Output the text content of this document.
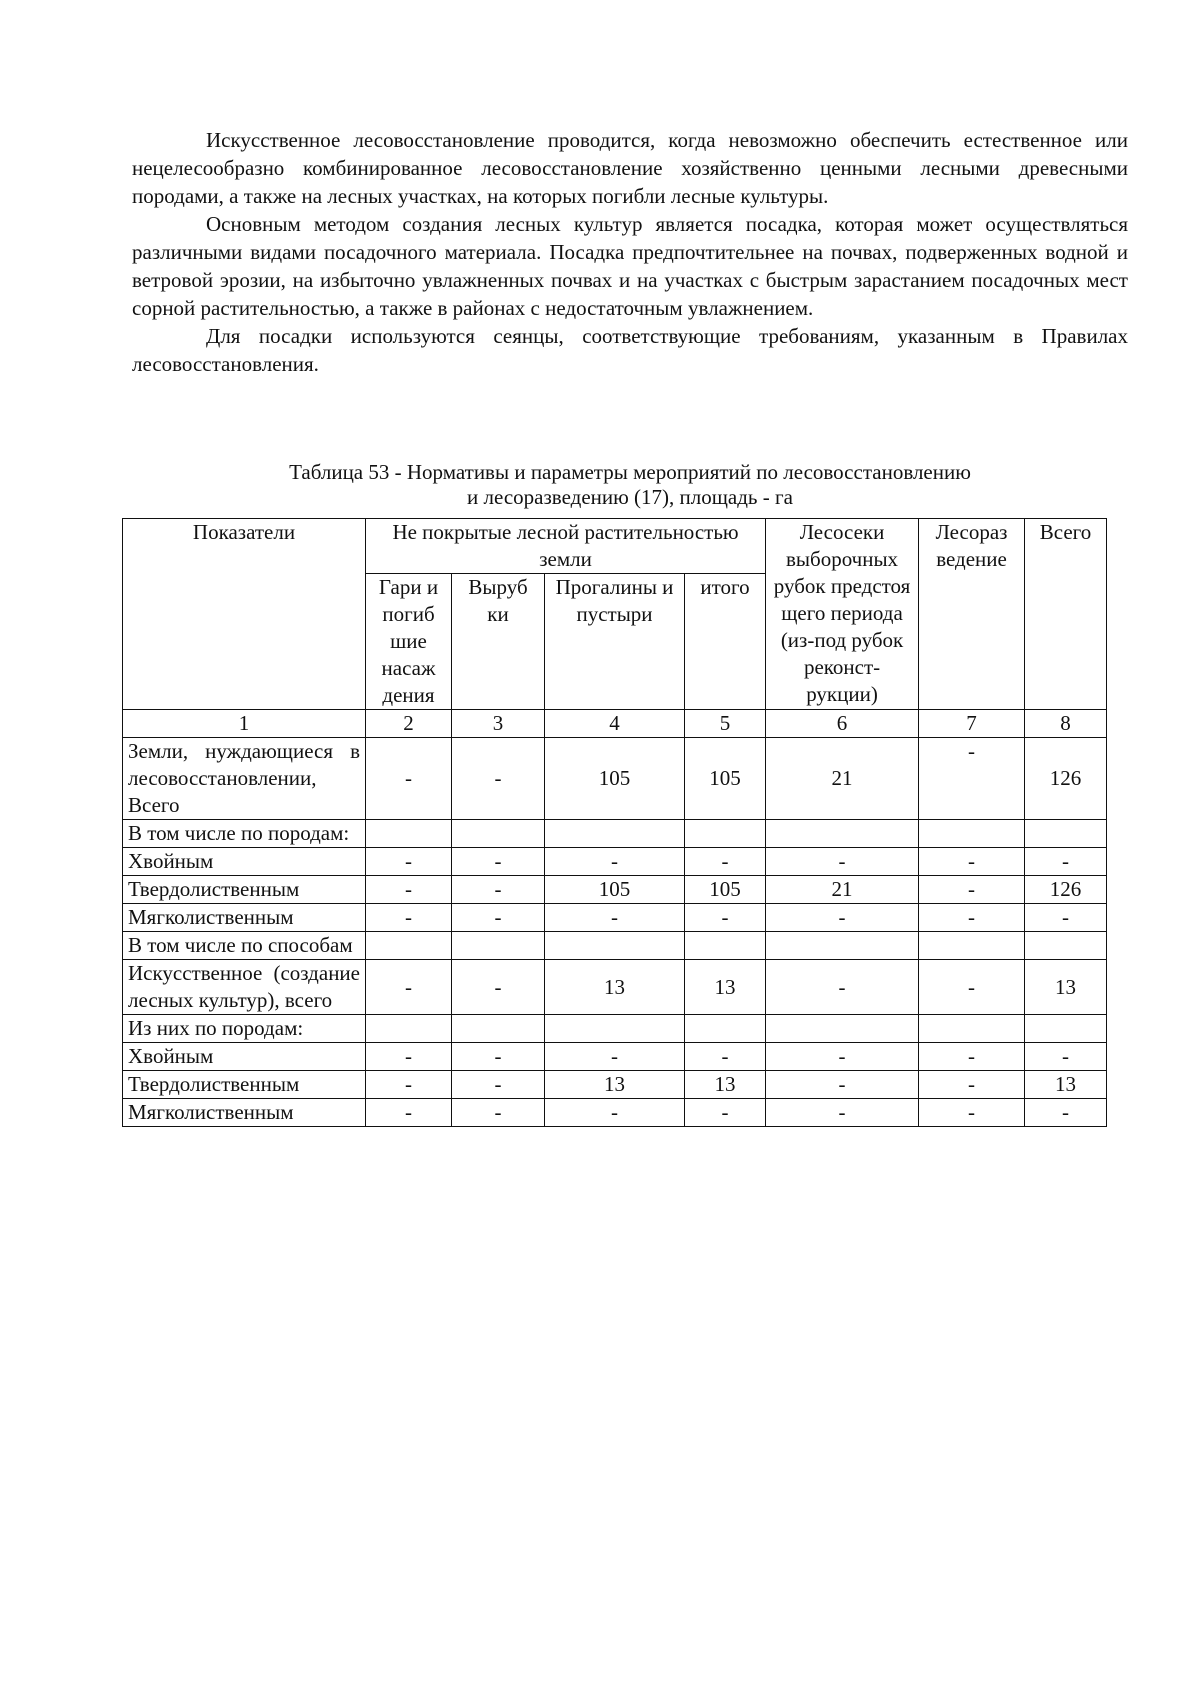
Искусственное лесовосстановление проводится, когда невозможно обеспечить естественное или нецелесообразно комбинированное лесовосстановление хозяйственно ценными лесными древесными породами, а также на лесных участках, на которых погибли лесные культуры.

Основным методом создания лесных культур является посадка, которая может осуществляться различными видами посадочного материала. Посадка предпочтительнее на почвах, подверженных водной и ветровой эрозии, на избыточно увлажненных почвах и на участках с быстрым зарастанием посадочных мест сорной растительностью, а также в районах с недостаточным увлажнением.

Для посадки используются сеянцы, соответствующие требованиям, указанным в Правилах лесовосстановления.

Таблица 53 - Нормативы и параметры мероприятий по лесовосстановлению
и лесоразведению (17), площадь - га
Показатели	Не покрытые лесной растительностью земли				Лесосеки выборочных рубок предстоя щего периода (из-под рубок реконст-рукции)	Лесораз ведение	Всего
	Гари и погиб шие насаж дения	Выруб ки	Прогалины и пустыри	итого			
1	2	3	4	5	6	7	8
Земли, нуждающиеся в лесовосстановлении, Всего	-	-	105	105	21	-	126
В том числе по породам:							
Хвойным	-	-	-	-	-	-	-
Твердолиственным	-	-	105	105	21	-	126
Мягколиственным	-	-	-	-	-	-	-
В том числе по способам							
Искусственное (создание лесных культур), всего	-	-	13	13	-	-	13
Из них по породам:							
Хвойным	-	-	-	-	-	-	-
Твердолиственным	-	-	13	13	-	-	13
Мягколиственным	-	-	-	-	-	-	-
